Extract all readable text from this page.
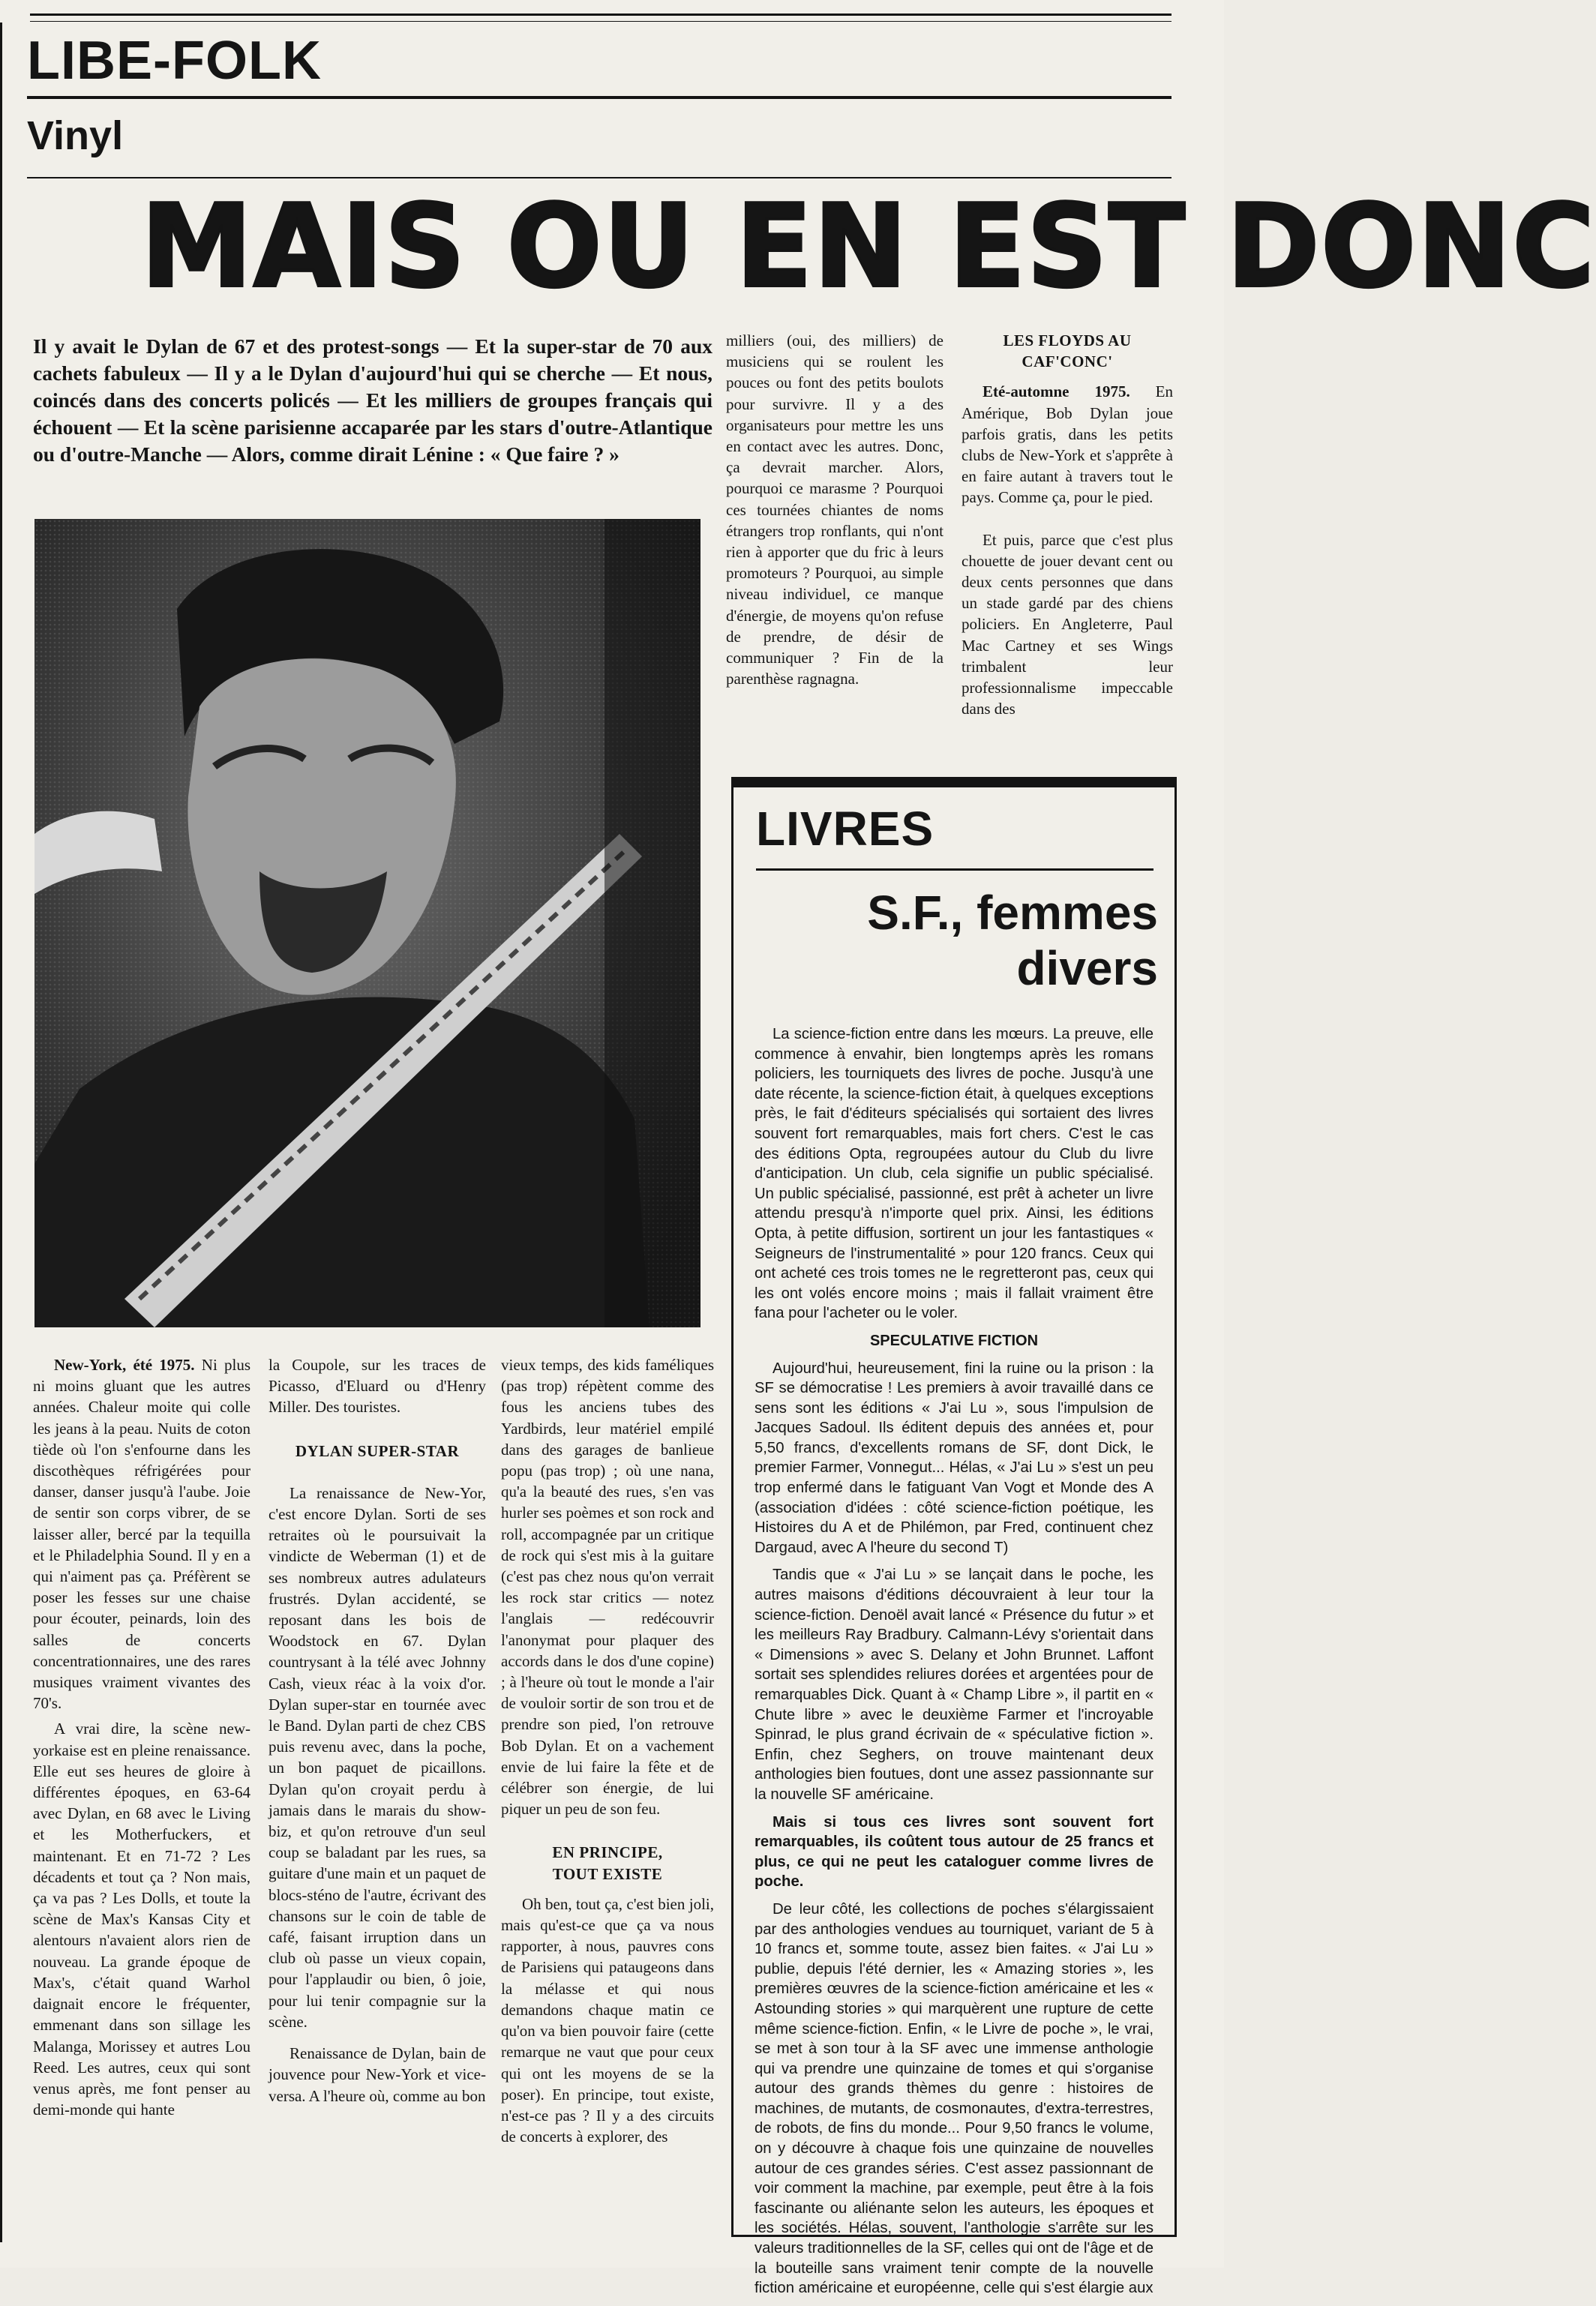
LIBE-FOLK
Vinyl
MAIS OU EN EST DONC
Il y avait le Dylan de 67 et des protest-songs — Et la super-star de 70 aux cachets fabuleux — Il y a le Dylan d'aujourd'hui qui se cherche — Et nous, coincés dans des concerts policés — Et les milliers de groupes français qui échouent — Et la scène parisienne accaparée par les stars d'outre-Atlantique ou d'outre-Manche — Alors, comme dirait Lénine : « Que faire ? »

milliers (oui, des milliers) de musiciens qui se roulent les pouces ou font des petits boulots pour survivre. Il y a des organisateurs pour mettre les uns en contact avec les autres. Donc, ça devrait marcher. Alors, pourquoi ce marasme ? Pourquoi ces tournées chiantes de noms étrangers trop ronflants, qui n'ont rien à apporter que du fric à leurs promoteurs ? Pourquoi, au simple niveau individuel, ce manque d'énergie, de moyens qu'on refuse de prendre, de désir de communiquer ? Fin de la parenthèse ragnagna.

LES FLOYDS AU CAF'CONC'

Eté-automne 1975. En Amérique, Bob Dylan joue parfois gratis, dans les petits clubs de New-York et s'apprête à en faire autant à travers tout le pays. Comme ça, pour le pied.

Et puis, parce que c'est plus chouette de jouer devant cent ou deux cents personnes que dans un stade gardé par des chiens policiers. En Angleterre, Paul Mac Cartney et ses Wings trimbalent leur professionnalisme impeccable dans des

New-York, été 1975. Ni plus ni moins gluant que les autres années. Chaleur moite qui colle les jeans à la peau. Nuits de coton tiède où l'on s'enfourne dans les discothèques réfrigérées pour danser, danser jusqu'à l'aube. Joie de sentir son corps vibrer, de se laisser aller, bercé par la tequilla et le Philadelphia Sound. Il y en a qui n'aiment pas ça. Préfèrent se poser les fesses sur une chaise pour écouter, peinards, loin des salles de concerts concentrationnaires, une des rares musiques vraiment vivantes des 70's.

A vrai dire, la scène new-yorkaise est en pleine renaissance. Elle eut ses heures de gloire à différentes époques, en 63-64 avec Dylan, en 68 avec le Living et les Motherfuckers, et maintenant. Et en 71-72 ? Les décadents et tout ça ? Non mais, ça va pas ? Les Dolls, et toute la scène de Max's Kansas City et alentours n'avaient alors rien de nouveau. La grande époque de Max's, c'était quand Warhol daignait encore le fréquenter, emmenant dans son sillage les Malanga, Morissey et autres Lou Reed. Les autres, ceux qui sont venus après, me font penser au demi-monde qui hante

la Coupole, sur les traces de Picasso, d'Eluard ou d'Henry Miller. Des touristes.

DYLAN SUPER-STAR

La renaissance de New-Yor, c'est encore Dylan. Sorti de ses retraites où le poursuivait la vindicte de Weberman (1) et de ses nombreux autres adulateurs frustrés. Dylan accidenté, se reposant dans les bois de Woodstock en 67. Dylan countrysant à la télé avec Johnny Cash, vieux réac à la voix d'or. Dylan super-star en tournée avec le Band. Dylan parti de chez CBS puis revenu avec, dans la poche, un bon paquet de picaillons. Dylan qu'on croyait perdu à jamais dans le marais du show-biz, et qu'on retrouve d'un seul coup se baladant par les rues, sa guitare d'une main et un paquet de blocs-sténo de l'autre, écrivant des chansons sur le coin de table de café, faisant irruption dans un club où passe un vieux copain, pour l'applaudir ou bien, ô joie, pour lui tenir compagnie sur la scène.

Renaissance de Dylan, bain de jouvence pour New-York et vice-versa. A l'heure où, comme au bon

vieux temps, des kids faméliques (pas trop) répètent comme des fous les anciens tubes des Yardbirds, leur matériel empilé dans des garages de banlieue popu (pas trop) ; où une nana, qu'a la beauté des rues, s'en vas hurler ses poèmes et son rock and roll, accompagnée par un critique de rock qui s'est mis à la guitare (c'est pas chez nous qu'on verrait les rock star critics — notez l'anglais — redécouvrir l'anonymat pour plaquer des accords dans le dos d'une copine) ; à l'heure où tout le monde a l'air de vouloir sortir de son trou et de prendre son pied, l'on retrouve Bob Dylan. Et on a vachement envie de lui faire la fête et de célébrer son énergie, de lui piquer un peu de son feu.

EN PRINCIPE, TOUT EXISTE

Oh ben, tout ça, c'est bien joli, mais qu'est-ce que ça va nous rapporter, à nous, pauvres cons de Parisiens qui pataugeons dans la mélasse et qui nous demandons chaque matin ce qu'on va bien pouvoir faire (cette remarque ne vaut que pour ceux qui ont les moyens de se la poser). En principe, tout existe, n'est-ce pas ? Il y a des circuits de concerts à explorer, des

LIVRES
S.F., femmes
divers

La science-fiction entre dans les mœurs. La preuve, elle commence à envahir, bien longtemps après les romans policiers, les tourniquets des livres de poche. Jusqu'à une date récente, la science-fiction était, à quelques exceptions près, le fait d'éditeurs spécialisés qui sortaient des livres souvent fort remarquables, mais fort chers. C'est le cas des éditions Opta, regroupées autour du Club du livre d'anticipation. Un club, cela signifie un public spécialisé. Un public spécialisé, passionné, est prêt à acheter un livre attendu presqu'à n'importe quel prix. Ainsi, les éditions Opta, à petite diffusion, sortirent un jour les fantastiques « Seigneurs de l'instrumentalité » pour 120 francs. Ceux qui ont acheté ces trois tomes ne le regretteront pas, ceux qui les ont volés encore moins ; mais il fallait vraiment être fana pour l'acheter ou le voler.

SPECULATIVE FICTION

Aujourd'hui, heureusement, fini la ruine ou la prison : la SF se démocratise ! Les premiers à avoir travaillé dans ce sens sont les éditions « J'ai Lu », sous l'impulsion de Jacques Sadoul. Ils éditent depuis des années et, pour 5,50 francs, d'excellents romans de SF, dont Dick, le premier Farmer, Vonnegut... Hélas, « J'ai Lu » s'est un peu trop enfermé dans le fatiguant Van Vogt et Monde des A (association d'idées : côté science-fiction poétique, les Histoires du A et de Philémon, par Fred, continuent chez Dargaud, avec A l'heure du second T)

Tandis que « J'ai Lu » se lançait dans le poche, les autres maisons d'éditions découvraient à leur tour la science-fiction. Denoël avait lancé « Présence du futur » et les meilleurs Ray Bradbury. Calmann-Lévy s'orientait dans « Dimensions » avec S. Delany et John Brunnet. Laffont sortait ses splendides reliures dorées et argentées pour de remarquables Dick. Quant à « Champ Libre », il partit en « Chute libre » avec le deuxième Farmer et l'incroyable Spinrad, le plus grand écrivain de « spéculative fiction ». Enfin, chez Seghers, on trouve maintenant deux anthologies bien foutues, dont une assez passionnante sur la nouvelle SF américaine.

Mais si tous ces livres sont souvent fort remarquables, ils coûtent tous autour de 25 francs et plus, ce qui ne peut les cataloguer comme livres de poche.

De leur côté, les collections de poches s'élargissaient par des anthologies vendues au tourniquet, variant de 5 à 10 francs et, somme toute, assez bien faites. « J'ai Lu » publie, depuis l'été dernier, les « Amazing stories », les premières œuvres de la science-fiction américaine et les « Astounding stories » qui marquèrent une rupture de cette même science-fiction. Enfin, « le Livre de poche », le vrai, se met à son tour à la SF avec une immense anthologie qui va prendre une quinzaine de tomes et qui s'organise autour des grands thèmes du genre : histoires de machines, de mutants, de cosmonautes, d'extra-terrestres, de robots, de fins du monde... Pour 9,50 francs le volume, on y découvre à chaque fois une quinzaine de nouvelles autour de ces grandes séries. C'est assez passionnant de voir comment la machine, par exemple, peut être à la fois fascinante ou aliénante selon les auteurs, les époques et les sociétés. Hélas, souvent, l'anthologie s'arrête sur les valeurs traditionnelles de la SF, celles qui ont de l'âge et de la bouteille sans vraiment tenir compte de la nouvelle fiction américaine et européenne, celle qui s'est élargie aux
